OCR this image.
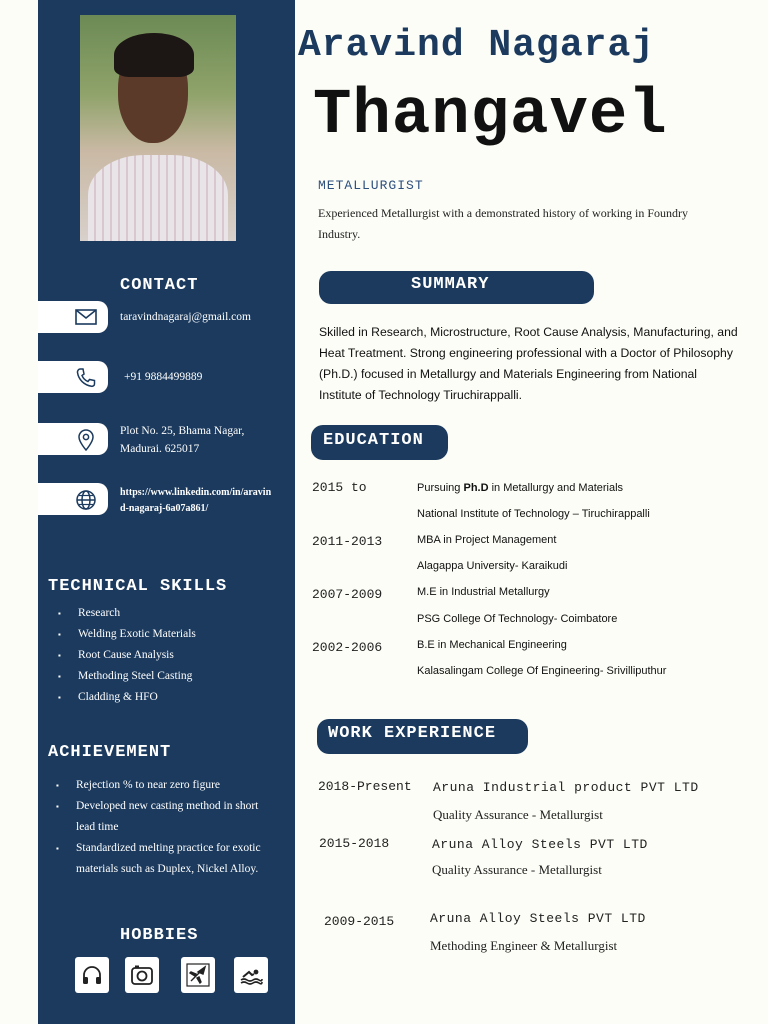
CONTACT
taravindnagaraj@gmail.com
+91 9884499889
Plot No. 25, Bhama Nagar,
Madurai. 625017
https://www.linkedin.com/in/aravin
d-nagaraj-6a07a861/
TECHNICAL SKILLS
▪ Research
▪ Welding Exotic Materials
▪ Root Cause Analysis
▪ Methoding Steel Casting
▪ Cladding & HFO
ACHIEVEMENT
▪ Rejection % to near zero figure
▪ Developed new casting method in short lead time
▪ Standardized melting practice for exotic materials such as Duplex, Nickel Alloy.
HOBBIES
Aravind Nagaraj
Thangavel
METALLURGIST
Experienced Metallurgist with a demonstrated history of working in Foundry Industry.
SUMMARY
Skilled in Research, Microstructure, Root Cause Analysis, Manufacturing, and Heat Treatment. Strong engineering professional with a Doctor of Philosophy (Ph.D.) focused in Metallurgy and Materials Engineering from National Institute of Technology Tiruchirappalli.
EDUCATION
2015 to	Pursuing Ph.D in Metallurgy and Materials
National Institute of Technology – Tiruchirappalli
2011-2013	MBA in Project Management
Alagappa University- Karaikudi
2007-2009	M.E in Industrial Metallurgy
PSG College Of Technology- Coimbatore
2002-2006	B.E in Mechanical Engineering
Kalasalingam College Of Engineering- Srivilliputhur
WORK EXPERIENCE
2018-Present Aruna Industrial product PVT LTD
Quality Assurance - Metallurgist
2015-2018	Aruna Alloy Steels PVT LTD
Quality Assurance - Metallurgist
2009-2015	Aruna Alloy Steels PVT LTD
Methoding Engineer & Metallurgist
